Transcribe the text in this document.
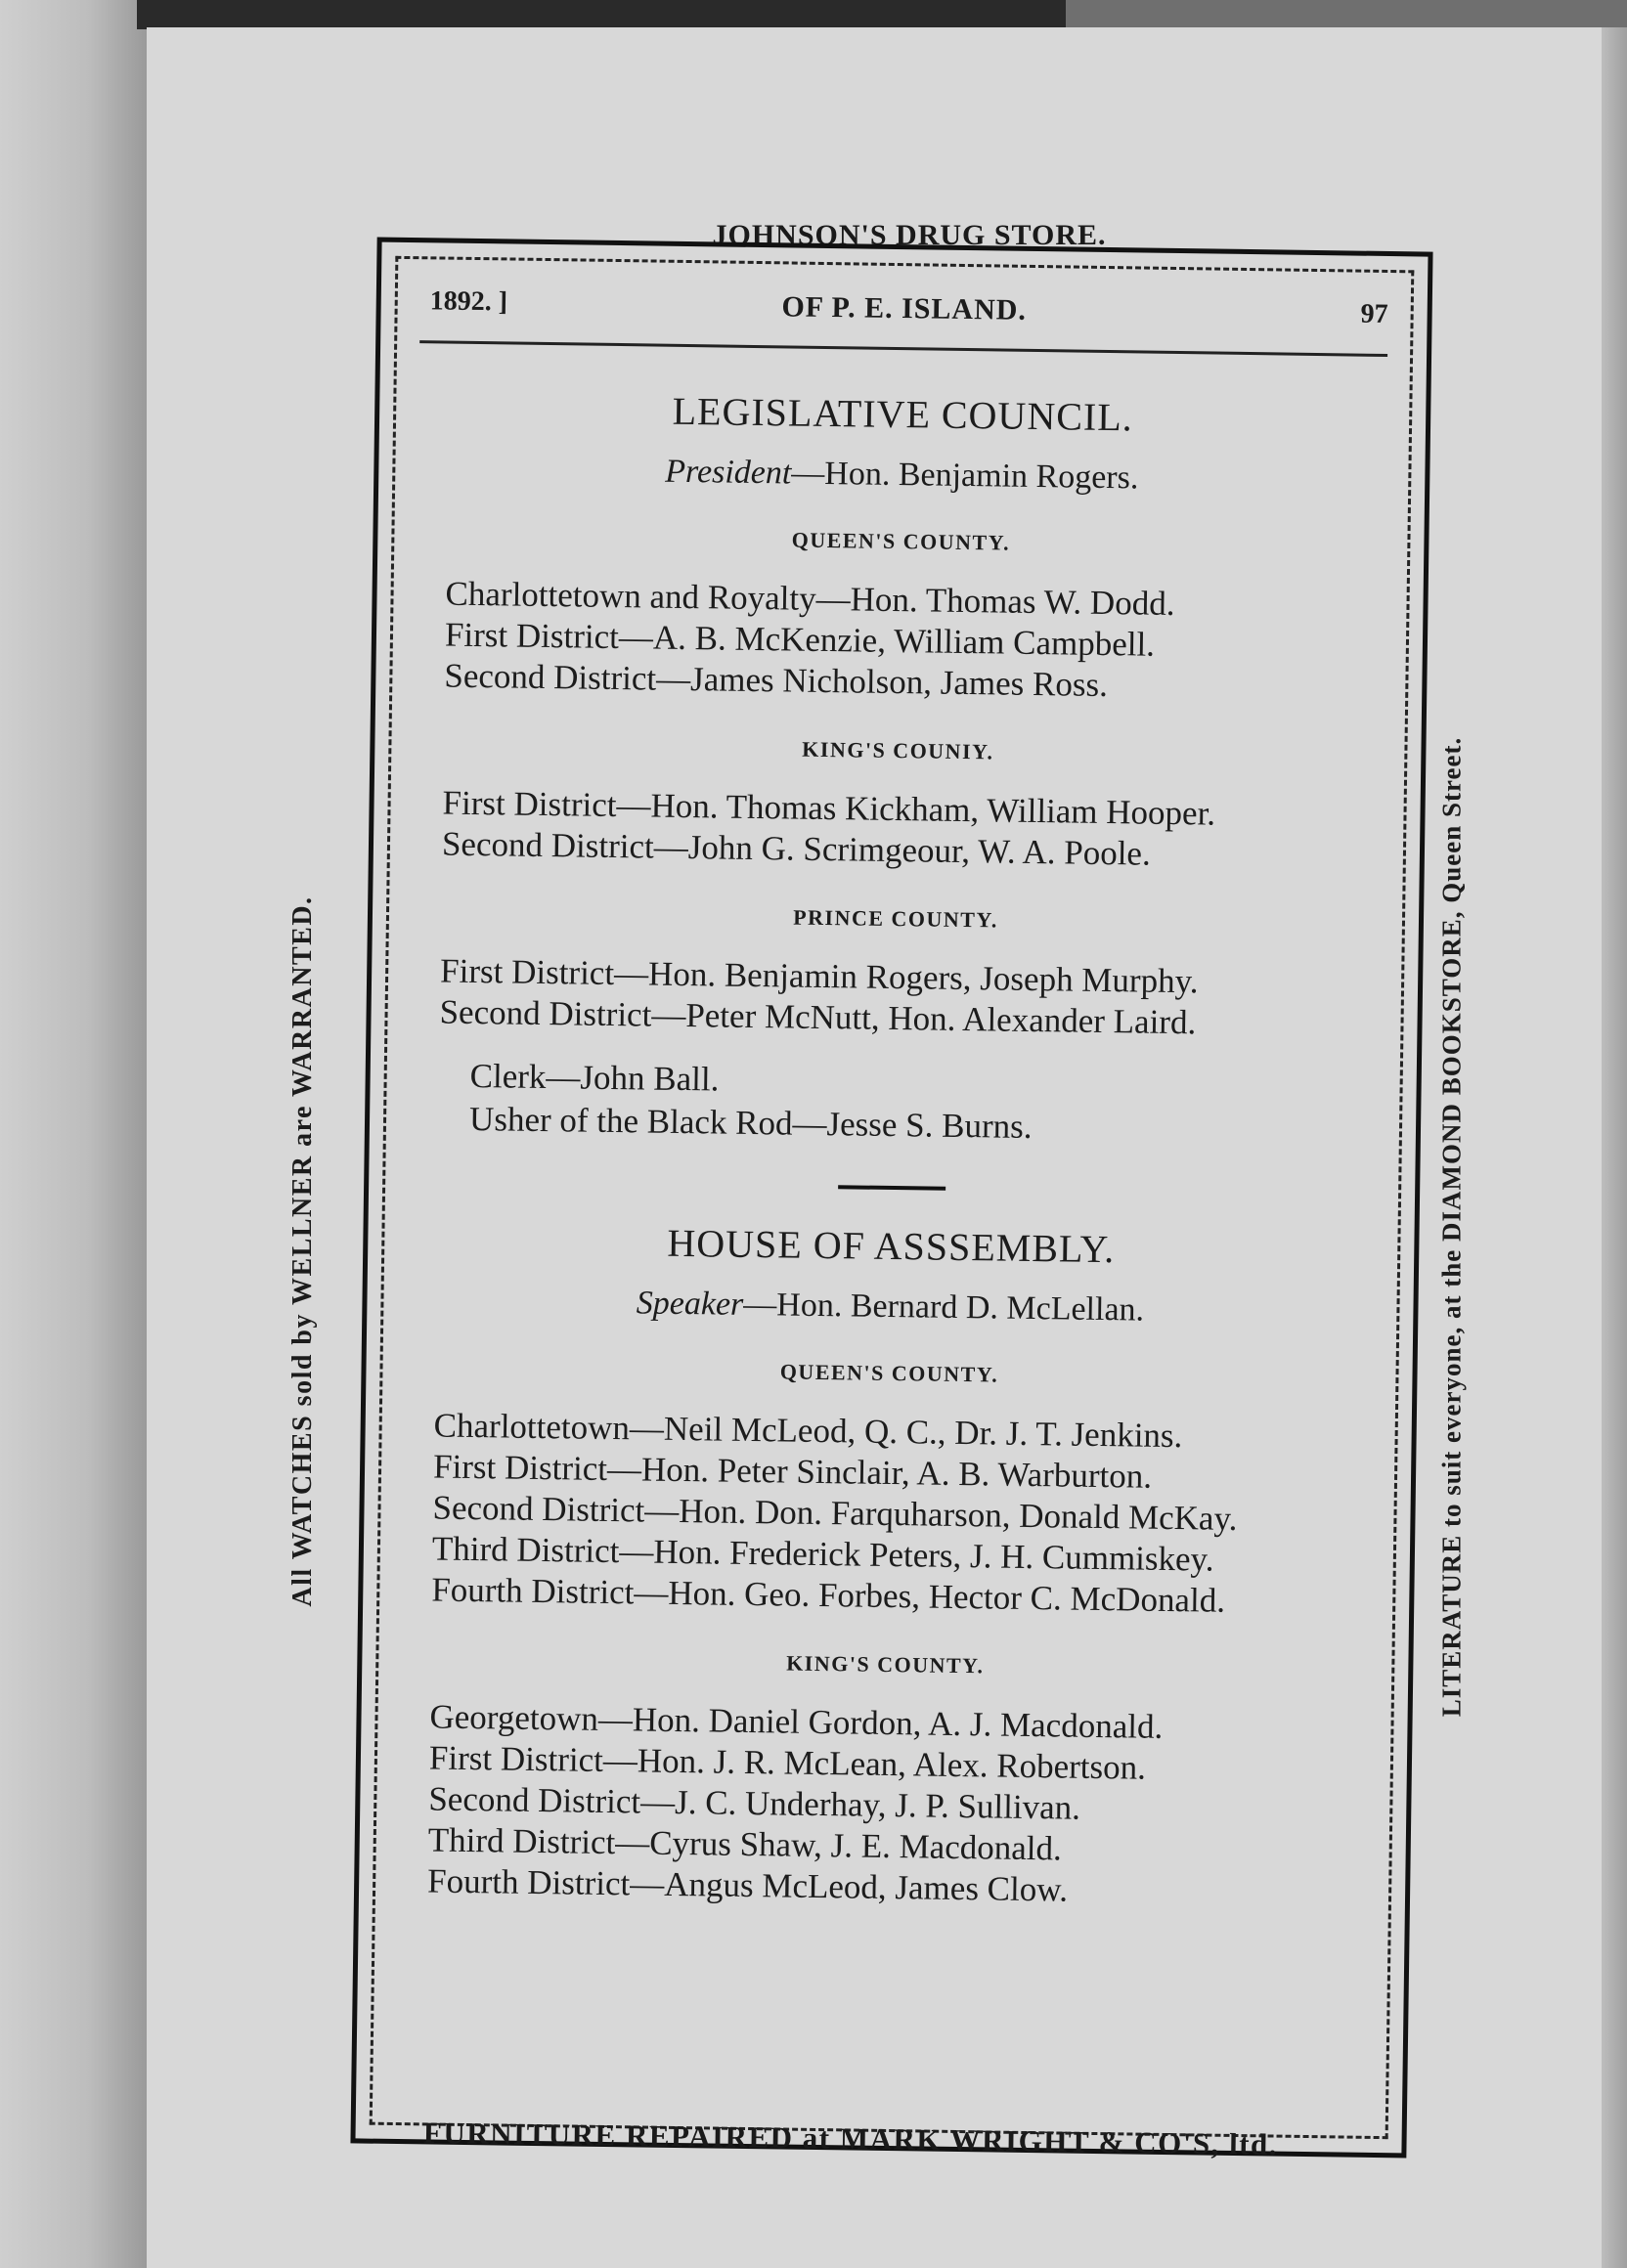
JOHNSON'S DRUG STORE.
All WATCHES sold by WELLNER are WARRANTED.	LITERATURE to suit everyone, at the DIAMOND BOOKSTORE, Queen Street.
1892. ]	OF P. E. ISLAND.	97
LEGISLATIVE COUNCIL.
President—Hon. Benjamin Rogers.
QUEEN'S COUNTY.
Charlottetown and Royalty—Hon. Thomas W. Dodd.
First District—A. B. McKenzie, William Campbell.
Second District—James Nicholson, James Ross.
KING'S COUNIY.
First District—Hon. Thomas Kickham, William Hooper.
Second District—John G. Scrimgeour, W. A. Poole.
PRINCE COUNTY.
First District—Hon. Benjamin Rogers, Joseph Murphy.
Second District—Peter McNutt, Hon. Alexander Laird.
Clerk—John Ball.
Usher of the Black Rod—Jesse S. Burns.
HOUSE OF ASSSEMBLY.
Speaker—Hon. Bernard D. McLellan.
QUEEN'S COUNTY.
Charlottetown—Neil McLeod, Q. C., Dr. J. T. Jenkins.
First District—Hon. Peter Sinclair, A. B. Warburton.
Second District—Hon. Don. Farquharson, Donald McKay.
Third District—Hon. Frederick Peters, J. H. Cummiskey.
Fourth District—Hon. Geo. Forbes, Hector C. McDonald.
KING'S COUNTY.
Georgetown—Hon. Daniel Gordon, A. J. Macdonald.
First District—Hon. J. R. McLean, Alex. Robertson.
Second District—J. C. Underhay, J. P. Sullivan.
Third District—Cyrus Shaw, J. E. Macdonald.
Fourth District—Angus McLeod, James Clow.
FURNITURE REPAIRED at MARK WRIGHT & CO'S, ltd.
